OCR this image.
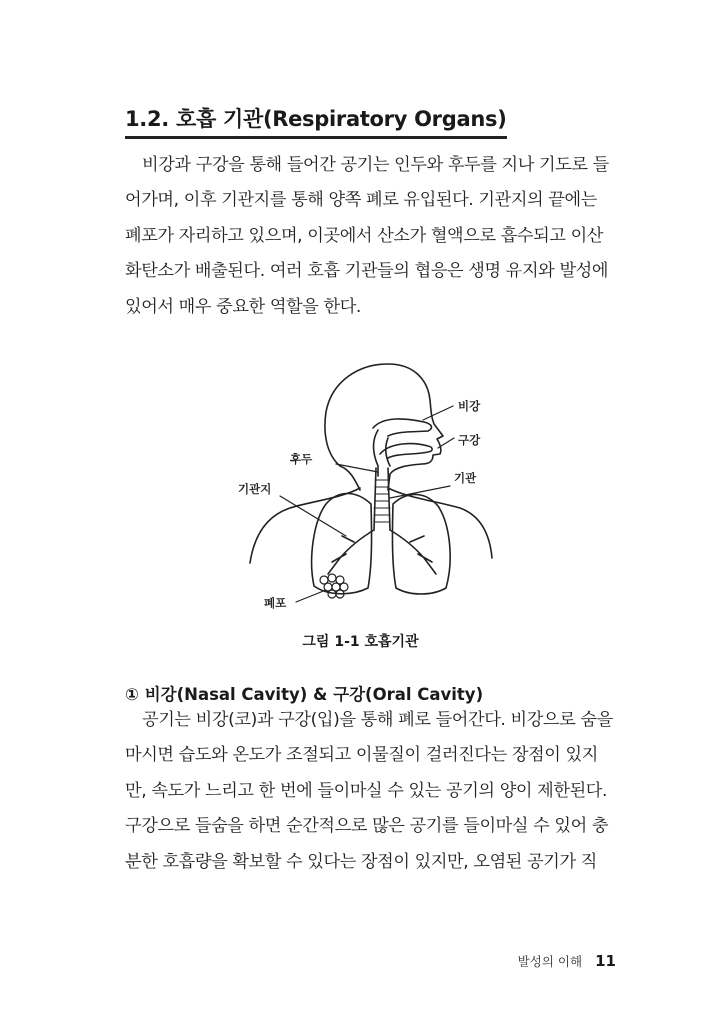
1.2. 호흡 기관(Respiratory Organs)

비강과 구강을 통해 들어간 공기는 인두와 후두를 지나 기도로 들
어가며, 이후 기관지를 통해 양쪽 폐로 유입된다. 기관지의 끝에는
폐포가 자리하고 있으며, 이곳에서 산소가 혈액으로 흡수되고 이산
화탄소가 배출된다. 여러 호흡 기관들의 협응은 생명 유지와 발성에
있어서 매우 중요한 역할을 한다.

비강
구강
후두
기관
기관지
폐포

그림 1-1 호흡기관

① 비강(Nasal Cavity) & 구강(Oral Cavity)

공기는 비강(코)과 구강(입)을 통해 폐로 들어간다. 비강으로 숨을
마시면 습도와 온도가 조절되고 이물질이 걸러진다는 장점이 있지
만, 속도가 느리고 한 번에 들이마실 수 있는 공기의 양이 제한된다.
구강으로 들숨을 하면 순간적으로 많은 공기를 들이마실 수 있어 충
분한 호흡량을 확보할 수 있다는 장점이 있지만, 오염된 공기가 직

발성의 이해 11
